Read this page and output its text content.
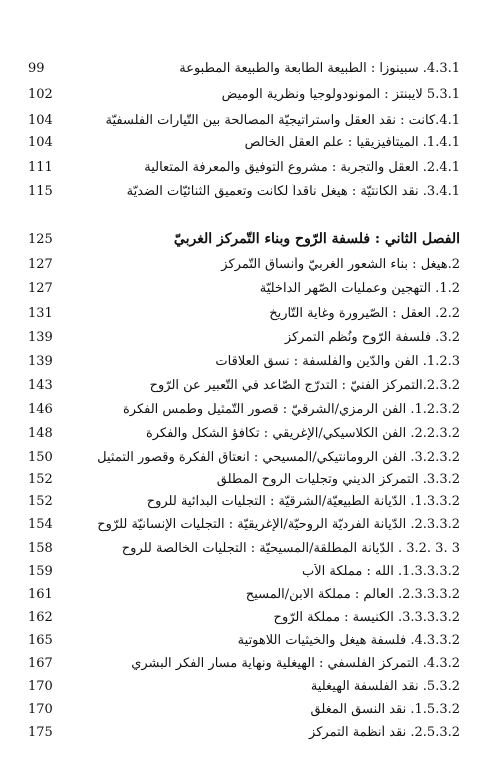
99	4.3.1. سبينوزا : الطبيعة الطابعة والطبيعة المطبوعة
102	5.3.1 لايبنتز : المونودولوجيا ونظرية الوميض
104	4.1.كانت : نقد العقل واستراتيجيّة المصالحة بين التّيارات الفلسفيّة
104	1.4.1. الميتافيزيقيا : علم العقل الخالص
111	2.4.1. العقل والتجربة : مشروع التوفيق والمعرفة المتعالية
115	3.4.1. نقد الكانتيّة : هيغل ناقداً لكانت وتعميق الثنائيّات الضديّة
125	الفصل الثاني : فلسفة الرّوح وبناء التّمركز الغربيّ
127	2.هيغل : بناء الشعور الغربيّ وأنساق التّمركز
127	1.2. التهجين وعمليات الصّهر الداخليّة
131	2.2. العقل : الصّيرورة وغاية التّاريخ
139	3.2. فلسفة الرّوح ونُظم التمركز
139	1.2.3. الفن والدّين والفلسفة : نسق العلاقات
143	2.3.2.التمركز الفنيّ : التدرّج الصّاعد في التّعبير عن الرّوح
146	1.2.3.2. الفن الرمزي/الشرقيّ : قصور التّمثيل وطمس الفكرة
148	2.2.3.2. الفن الكلاسيكي/الإغريقي : تكافؤ الشكل والفكرة
150	3.2.3.2. الفن الرومانتيكي/المسيحي : انعتاق الفكرة وقصور التمثيل
152	3.3.2. التمركز الديني وتجلّيات الروح المطلق
152	1.3.3.2. الدّيانة الطّبيعيّة/الشرقيّة : التجلّيات البدائية للروح
154	2.3.3.2. الدّيانة الفرديّة الروحيّة/الإغريقيّة : التجليات الإنسانيّة للرّوح
158	3 .3 .3.2 . الدّيانة المطلقة/المسيحيّة : التجلّيات الخالصة للروح
159	1.3.3.3.2. الله : مملكة الأب
161	2.3.3.3.2. العالم : مملكة الابن/المسيح
162	3.3.3.3.2. الكنيسة : مملكة الرّوح
165	4.3.3.2. فلسفة هيغل والخيثيات اللاهوتية
167	4.3.2. التمركز الفلسفي : الهيغلية ونهاية مسار الفكر البشري
170	5.3.2. نقد الفلسفة الهيغلية
170	1.5.3.2. نقد النسق المغلق
175	2.5.3.2. نقد أنظمة التمركز
